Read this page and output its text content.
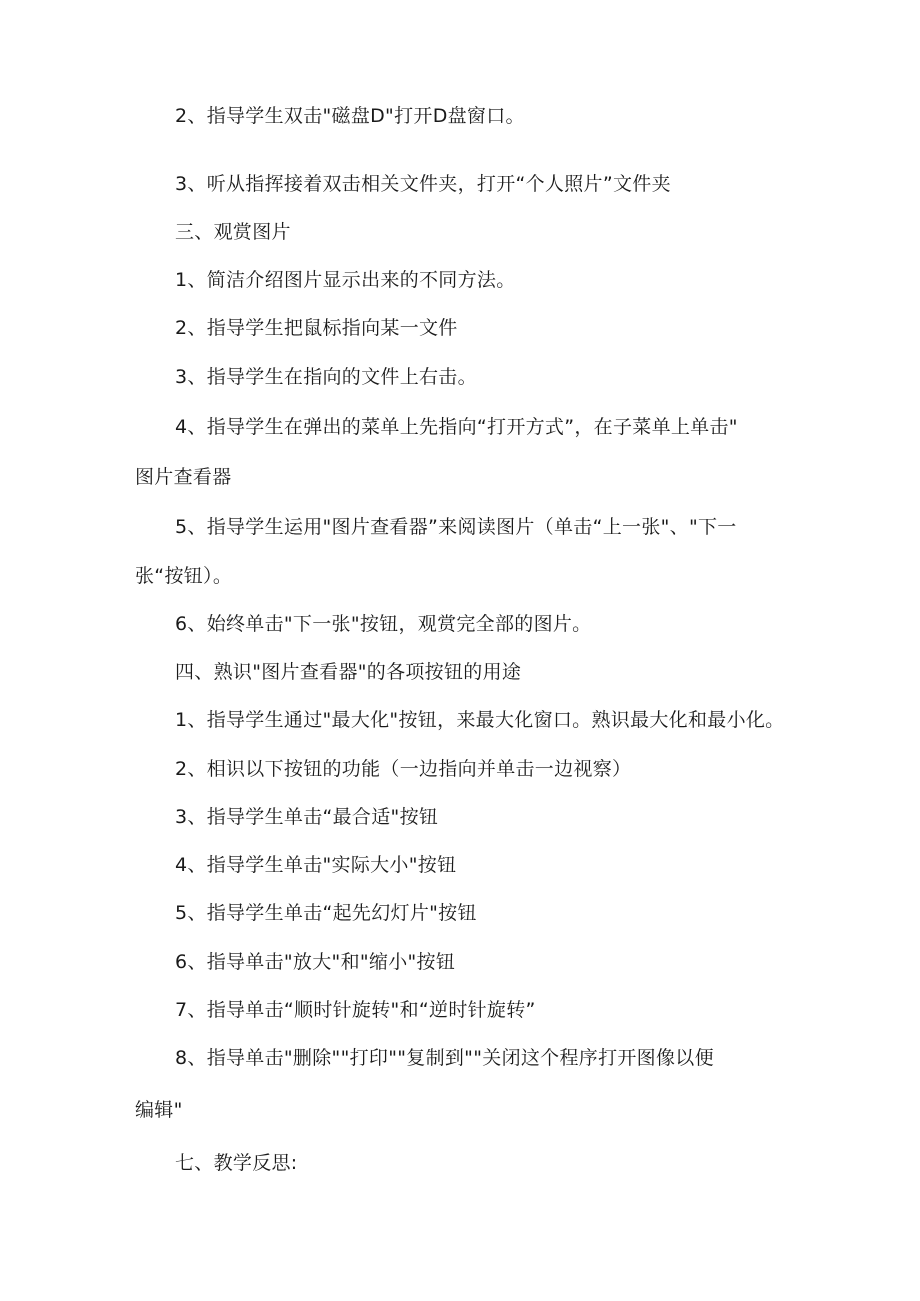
2、指导学生双击"磁盘D"打开D盘窗口。
3、听从指挥接着双击相关文件夹，打开“个人照片”文件夹
三、观赏图片
1、简洁介绍图片显示出来的不同方法。
2、指导学生把鼠标指向某一文件
3、指导学生在指向的文件上右击。
4、指导学生在弹出的菜单上先指向“打开方式”，在子菜单上单击"
图片查看器
5、指导学生运用"图片查看器”来阅读图片（单击“上一张"、"下一
张“按钮）。
6、始终单击"下一张"按钮，观赏完全部的图片。
四、熟识"图片查看器"的各项按钮的用途
1、指导学生通过"最大化"按钮，来最大化窗口。熟识最大化和最小化。
2、相识以下按钮的功能（一边指向并单击一边视察）
3、指导学生单击“最合适"按钮
4、指导学生单击"实际大小"按钮
5、指导学生单击“起先幻灯片"按钮
6、指导单击"放大"和"缩小"按钮
7、指导单击“顺时针旋转"和“逆时针旋转”
8、指导单击"删除""打印""复制到""关闭这个程序打开图像以便
编辑"
七、教学反思:
